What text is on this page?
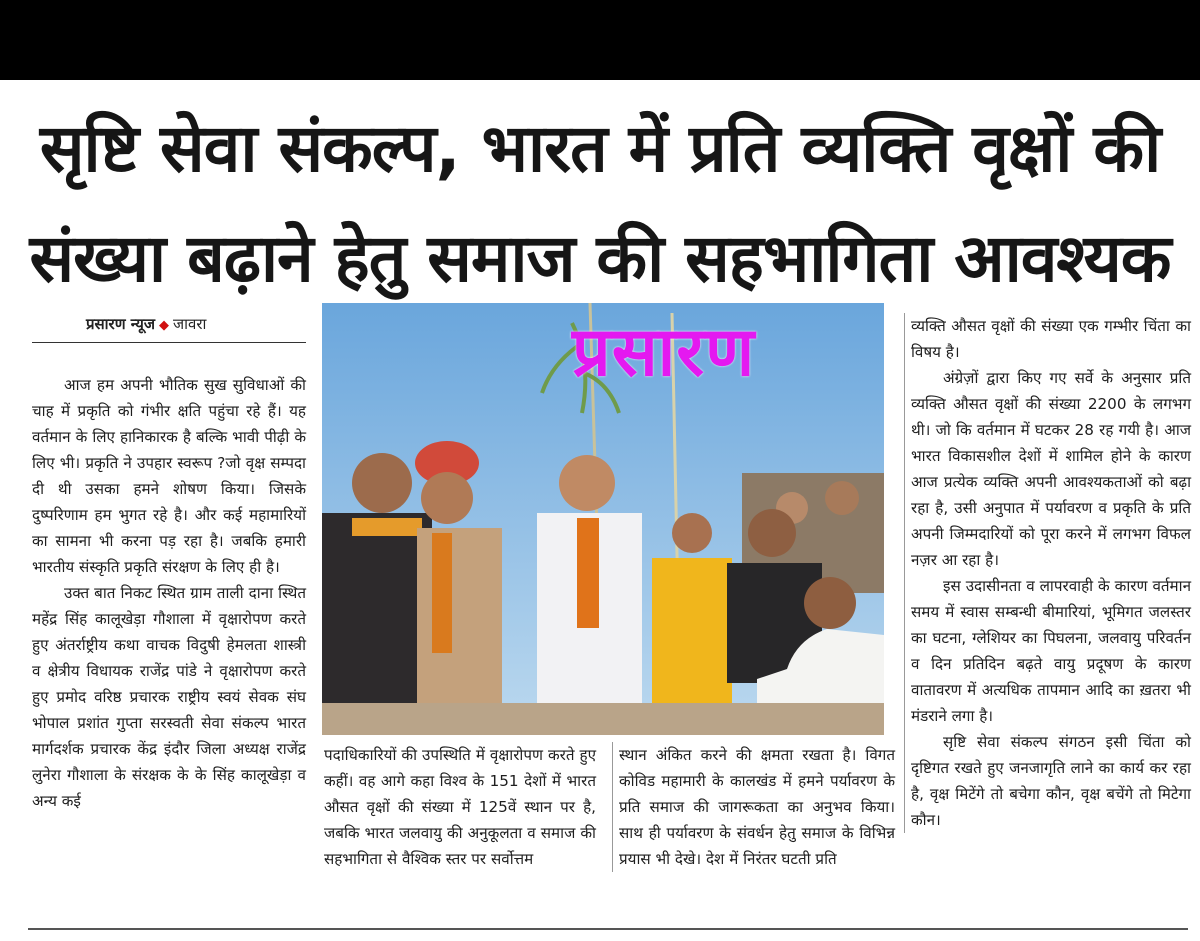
सृष्टि सेवा संकल्प, भारत में प्रति व्यक्ति वृक्षों की
संख्या बढ़ाने हेतु समाज की सहभागिता आवश्यक
प्रसारण न्यूज ◆ जावरा

आज हम अपनी भौतिक सुख सुविधाओं की चाह में प्रकृति को गंभीर क्षति पहुंचा रहे हैं। यह वर्तमान के लिए हानिकारक है बल्कि भावी पीढ़ी के लिए भी। प्रकृति ने उपहार स्वरूप ?जो वृक्ष सम्पदा दी थी उसका हमने शोषण किया। जिसके दुष्परिणाम हम भुगत रहे है। और कई महामारियों का सामना भी करना पड़ रहा है। जबकि हमारी भारतीय संस्कृति प्रकृति संरक्षण के लिए ही है।

उक्त बात निकट स्थित ग्राम ताली दाना स्थित महेंद्र सिंह कालूखेड़ा गौशाला में वृक्षारोपण करते हुए अंतर्राष्ट्रीय कथा वाचक विदुषी हेमलता शास्त्री व क्षेत्रीय विधायक राजेंद्र पांडे ने वृक्षारोपण करते हुए प्रमोद वरिष्ठ प्रचारक राष्ट्रीय स्वयं सेवक संघ भोपाल प्रशांत गुप्ता सरस्वती सेवा संकल्प भारत मार्गदर्शक प्रचारक केंद्र इंदौर जिला अध्यक्ष राजेंद्र लुनेरा गौशाला के संरक्षक के के सिंह कालूखेड़ा व अन्य कई

प्रसारण

पदाधिकारियों की उपस्थिति में वृक्षारोपण करते हुए कहीं। वह आगे कहा विश्व के 151 देशों में भारत औसत वृक्षों की संख्या में 125वें स्थान पर है, जबकि भारत जलवायु की अनुकूलता व समाज की सहभागिता से वैश्विक स्तर पर सर्वोत्तम

स्थान अंकित करने की क्षमता रखता है। विगत कोविड महामारी के कालखंड में हमने पर्यावरण के प्रति समाज की जागरूकता का अनुभव किया। साथ ही पर्यावरण के संवर्धन हेतु समाज के विभिन्न प्रयास भी देखे। देश में निरंतर घटती प्रति

व्यक्ति औसत वृक्षों की संख्या एक गम्भीर चिंता का विषय है।

अंग्रेज़ों द्वारा किए गए सर्वे के अनुसार प्रति व्यक्ति औसत वृक्षों की संख्या 2200 के लगभग थी। जो कि वर्तमान में घटकर 28 रह गयी है। आज भारत विकासशील देशों में शामिल होने के कारण आज प्रत्येक व्यक्ति अपनी आवश्यकताओं को बढ़ा रहा है, उसी अनुपात में पर्यावरण व प्रकृति के प्रति अपनी जिम्मदारियों को पूरा करने में लगभग विफल नज़र आ रहा है।

इस उदासीनता व लापरवाही के कारण वर्तमान समय में स्वास सम्बन्धी बीमारियां, भूमिगत जलस्तर का घटना, ग्लेशियर का पिघलना, जलवायु परिवर्तन व दिन प्रतिदिन बढ़ते वायु प्रदूषण के कारण वातावरण में अत्यधिक तापमान आदि का ख़तरा भी मंडराने लगा है।

सृष्टि सेवा संकल्प संगठन इसी चिंता को दृष्टिगत रखते हुए जनजागृति लाने का कार्य कर रहा है, वृक्ष मिटेंगे तो बचेगा कौन, वृक्ष बचेंगे तो मिटेगा कौन।
